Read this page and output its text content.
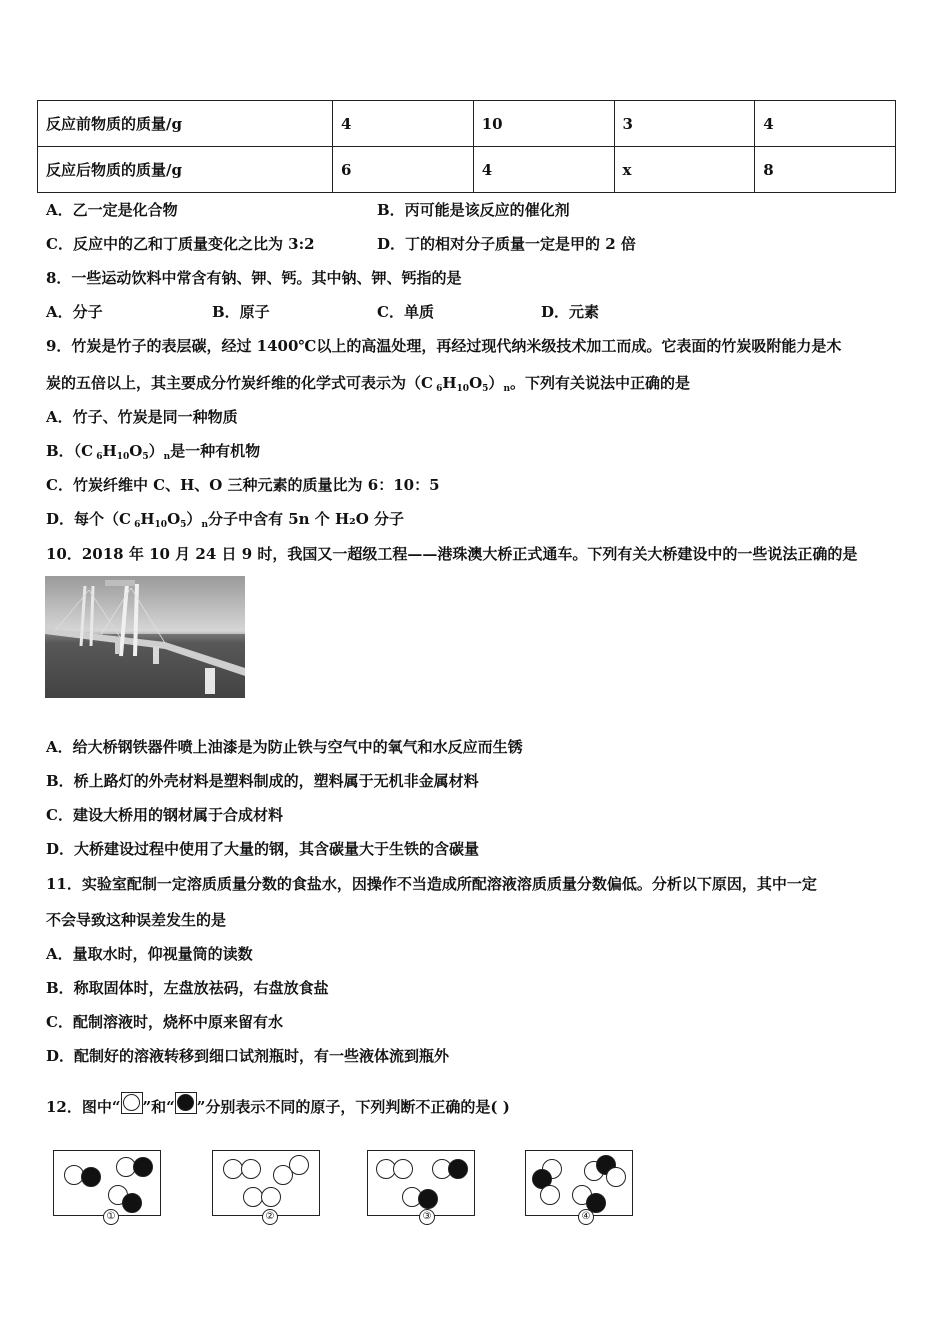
反应前物质的质量/g	4	10	3	4
反应后物质的质量/g	6	4	x	8
A．乙一定是化合物	B．丙可能是该反应的催化剂
C．反应中的乙和丁质量变化之比为 3:2	D．丁的相对分子质量一定是甲的 2 倍
8．一些运动饮料中常含有钠、钾、钙。其中钠、钾、钙指的是
A．分子	B．原子	C．单质	D．元素
9．竹炭是竹子的表层碳，经过 1400℃以上的高温处理，再经过现代纳米级技术加工而成。它表面的竹炭吸附能力是木
炭的五倍以上，其主要成分竹炭纤维的化学式可表示为（C $_6H_{10}O_5)_n$。下列有关说法中正确的是
A．竹子、竹炭是同一种物质
B．（C $_6H_{10}O_5)_n$是一种有机物
C．竹炭纤维中 C、H、O 三种元素的质量比为 6：10：5
D．每个（C $_6H_{10}O_5)_n$分子中含有 5n 个 H₂O 分子
10．2018 年 10 月 24 日 9 时，我国又一超级工程——港珠澳大桥正式通车。下列有关大桥建设中的一些说法正确的是
A．给大桥钢铁器件喷上油漆是为防止铁与空气中的氧气和水反应而生锈
B．桥上路灯的外壳材料是塑料制成的，塑料属于无机非金属材料
C．建设大桥用的钢材属于合成材料
D．大桥建设过程中使用了大量的钢，其含碳量大于生铁的含碳量
11．实验室配制一定溶质质量分数的食盐水，因操作不当造成所配溶液溶质质量分数偏低。分析以下原因，其中一定
不会导致这种误差发生的是
A．量取水时，仰视量筒的读数
B．称取固体时，左盘放祛码，右盘放食盐
C．配制溶液时，烧杯中原来留有水
D．配制好的溶液转移到细口试剂瓶时，有一些液体流到瓶外
12．图中“ ”和“ ”分别表示不同的原子，下列判断不正确的是( )
①	②	③	④
